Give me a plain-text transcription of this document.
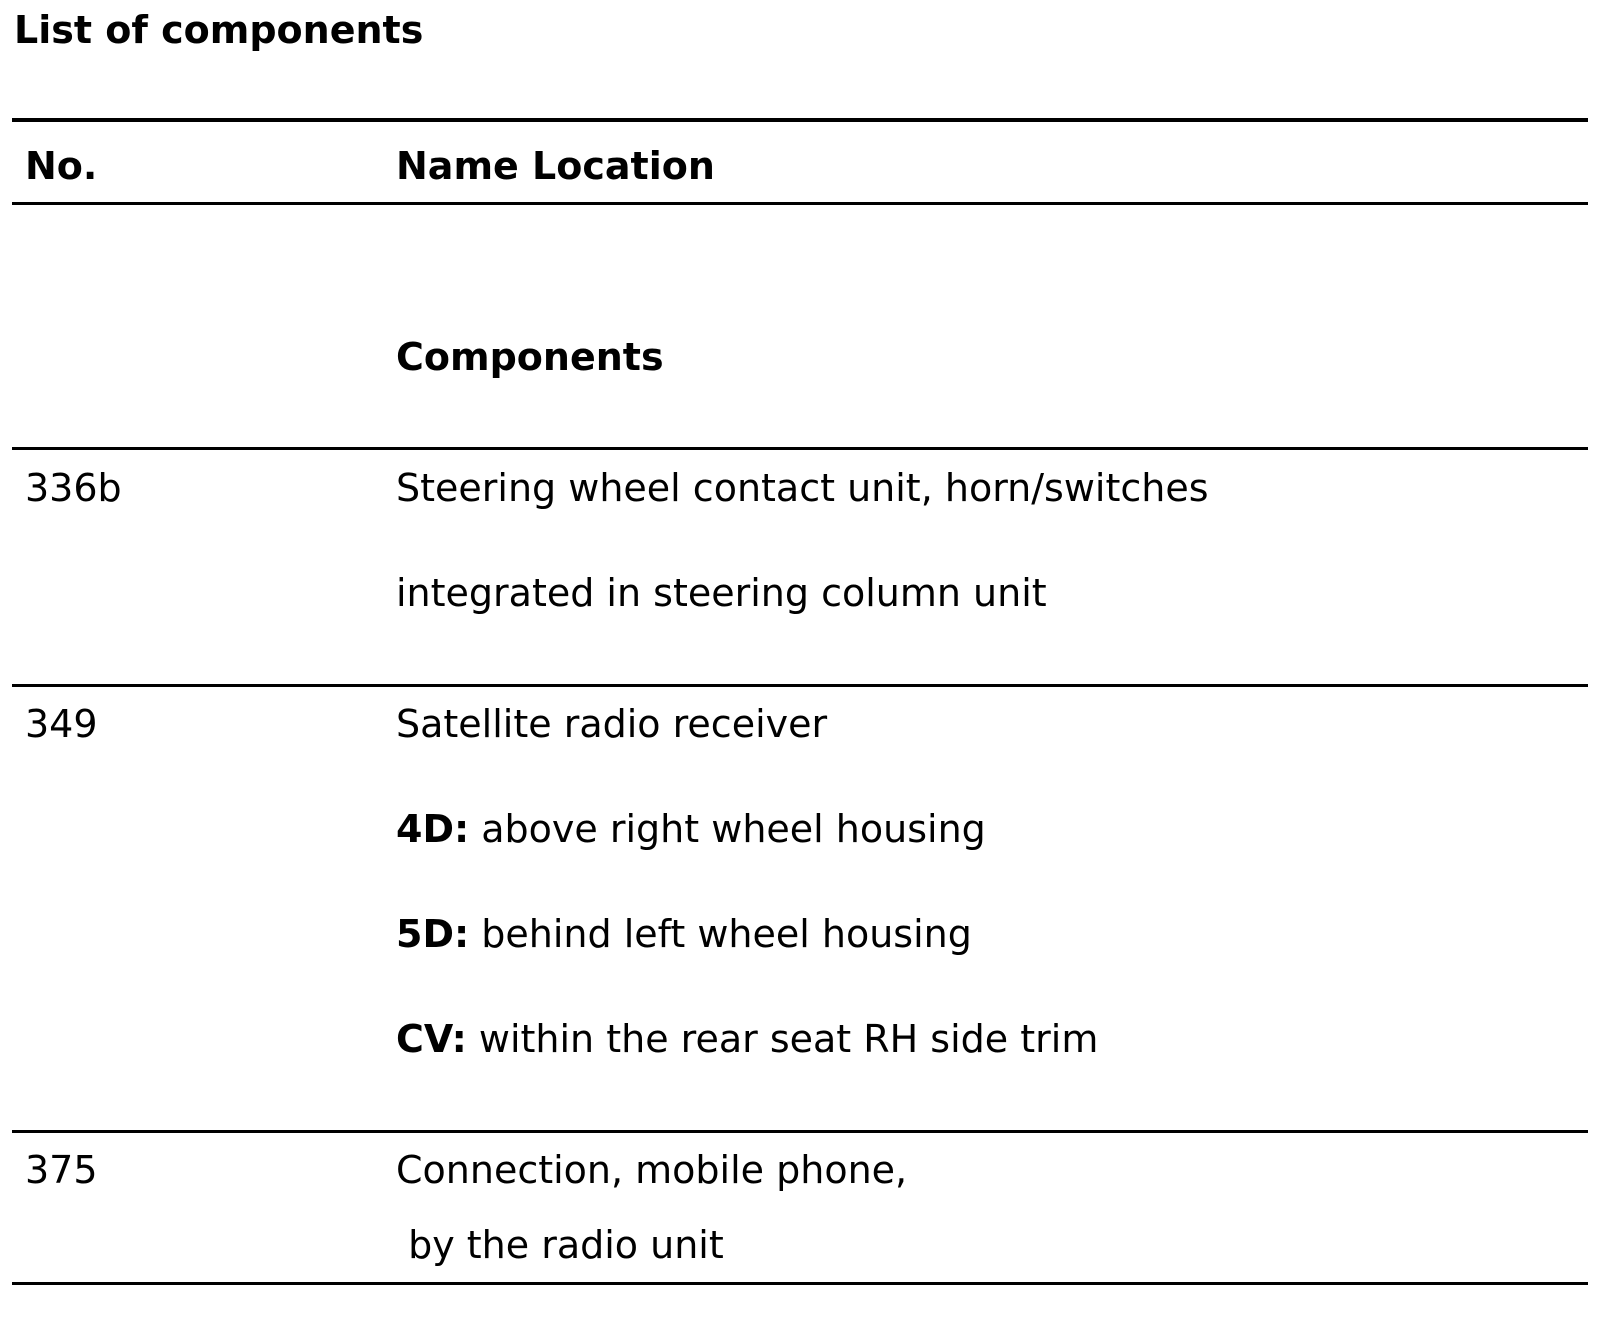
List of components
No.	Name Location
Components
336b	Steering wheel contact unit, horn/switches
integrated in steering column unit
349	Satellite radio receiver
4D: above right wheel housing
5D: behind left wheel housing
CV: within the rear seat RH side trim
375	Connection, mobile phone,
by the radio unit
